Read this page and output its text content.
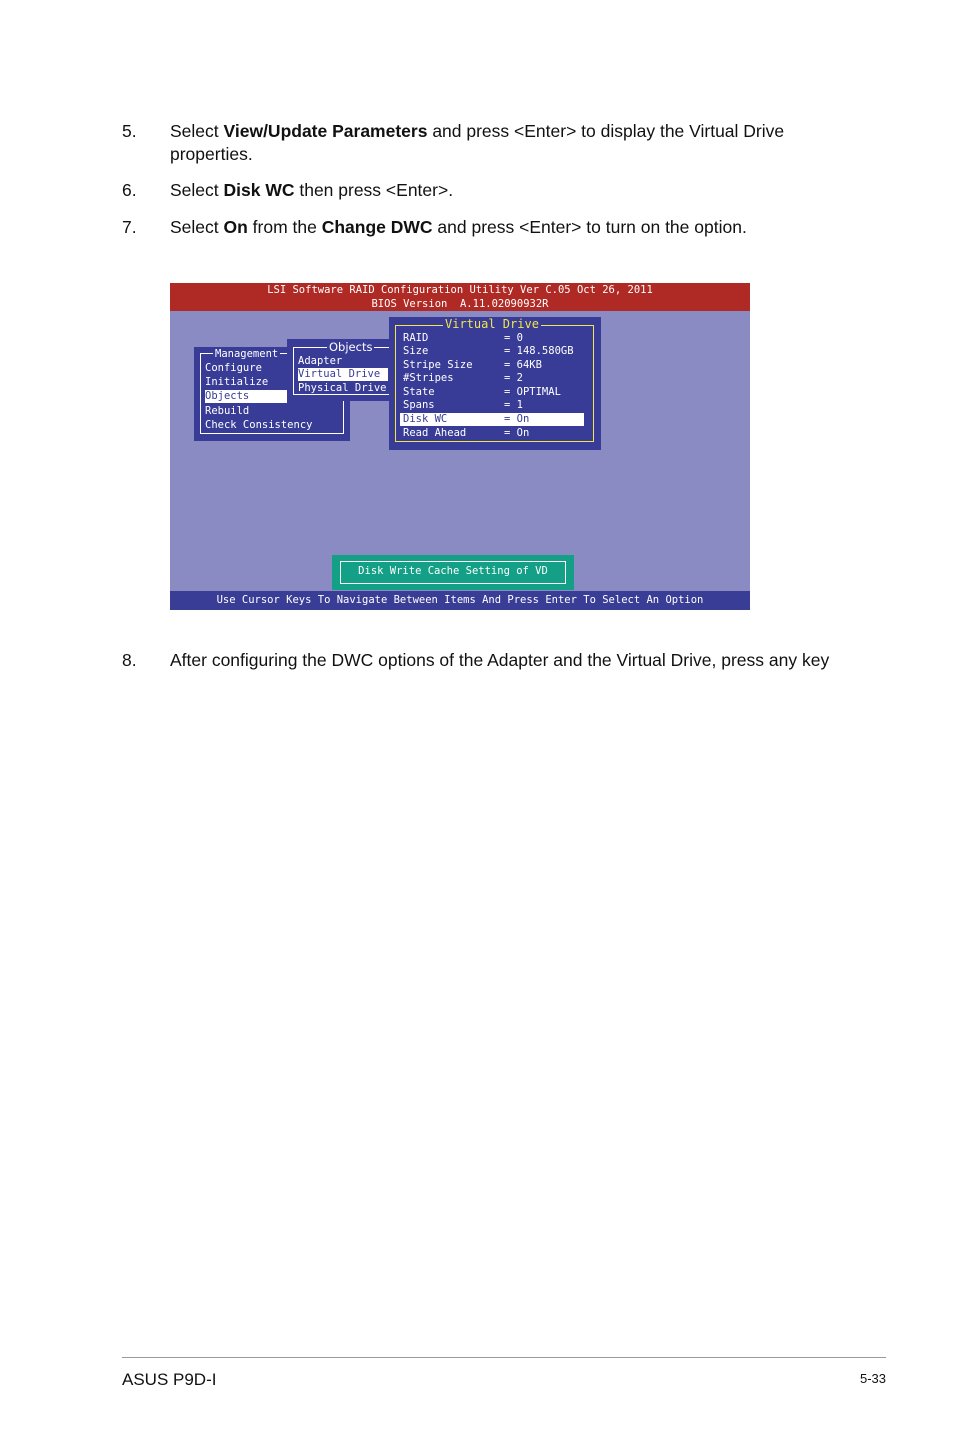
5. Select View/Update Parameters and press <Enter> to display the Virtual Drive properties.
6. Select Disk WC then press <Enter>.
7. Select On from the Change DWC and press <Enter> to turn on the option.
LSI Software RAID Configuration Utility Ver C.05 Oct 26, 2011
BIOS Version  A.11.02090932R
Management
Configure
Initialize
Objects
Rebuild
Check Consistency
Objects
Adapter
Virtual Drive
Physical Drive
Virtual Drive
RAID	= 0
Size	= 148.580GB
Stripe Size	= 64KB
#Stripes	= 2
State	= OPTIMAL
Spans	= 1
Disk WC	= On
Read Ahead	= On
Disk Write Cache Setting of VD
Use Cursor Keys To Navigate Between Items And Press Enter To Select An Option
8. After configuring the DWC options of the Adapter and the Virtual Drive, press any key
ASUS P9D-I	5-33
